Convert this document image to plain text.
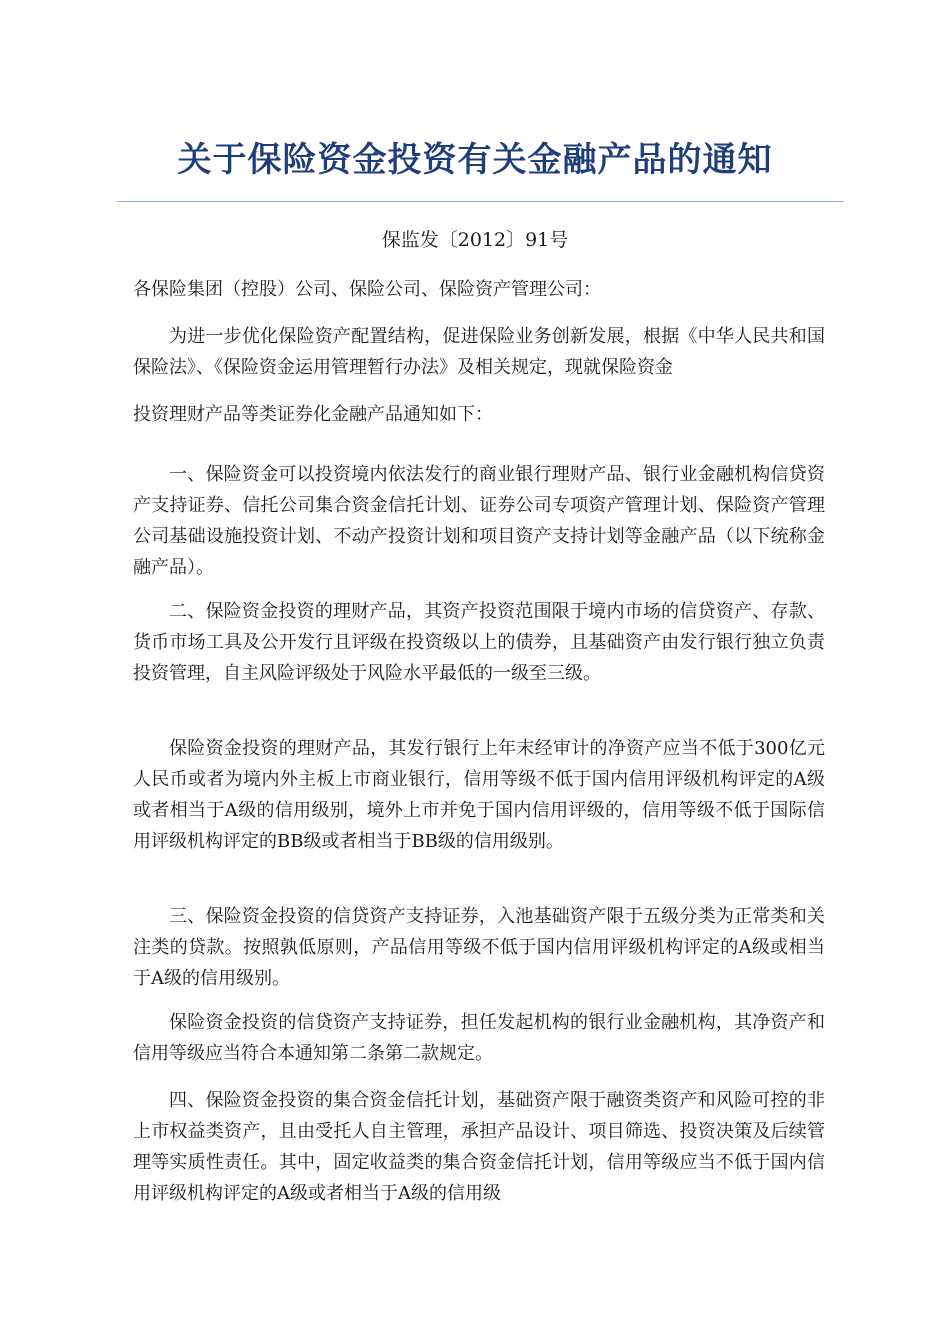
关于保险资金投资有关金融产品的通知
保监发〔2012〕91号

各保险集团（控股）公司、保险公司、保险资产管理公司：

为进一步优化保险资产配置结构，促进保险业务创新发展，根据《中华人民共和国保险法》、《保险资金运用管理暂行办法》及相关规定，现就保险资金

投资理财产品等类证券化金融产品通知如下：

一、保险资金可以投资境内依法发行的商业银行理财产品、银行业金融机构信贷资产支持证券、信托公司集合资金信托计划、证券公司专项资产管理计划、保险资产管理公司基础设施投资计划、不动产投资计划和项目资产支持计划等金融产品（以下统称金融产品）。

二、保险资金投资的理财产品，其资产投资范围限于境内市场的信贷资产、存款、货币市场工具及公开发行且评级在投资级以上的债券，且基础资产由发行银行独立负责投资管理，自主风险评级处于风险水平最低的一级至三级。

保险资金投资的理财产品，其发行银行上年末经审计的净资产应当不低于300亿元人民币或者为境内外主板上市商业银行，信用等级不低于国内信用评级机构评定的A级或者相当于A级的信用级别，境外上市并免于国内信用评级的，信用等级不低于国际信用评级机构评定的BB级或者相当于BB级的信用级别。

三、保险资金投资的信贷资产支持证券，入池基础资产限于五级分类为正常类和关注类的贷款。按照孰低原则，产品信用等级不低于国内信用评级机构评定的A级或相当于A级的信用级别。

保险资金投资的信贷资产支持证券，担任发起机构的银行业金融机构，其净资产和信用等级应当符合本通知第二条第二款规定。

四、保险资金投资的集合资金信托计划，基础资产限于融资类资产和风险可控的非上市权益类资产，且由受托人自主管理，承担产品设计、项目筛选、投资决策及后续管理等实质性责任。其中，固定收益类的集合资金信托计划，信用等级应当不低于国内信用评级机构评定的A级或者相当于A级的信用级
